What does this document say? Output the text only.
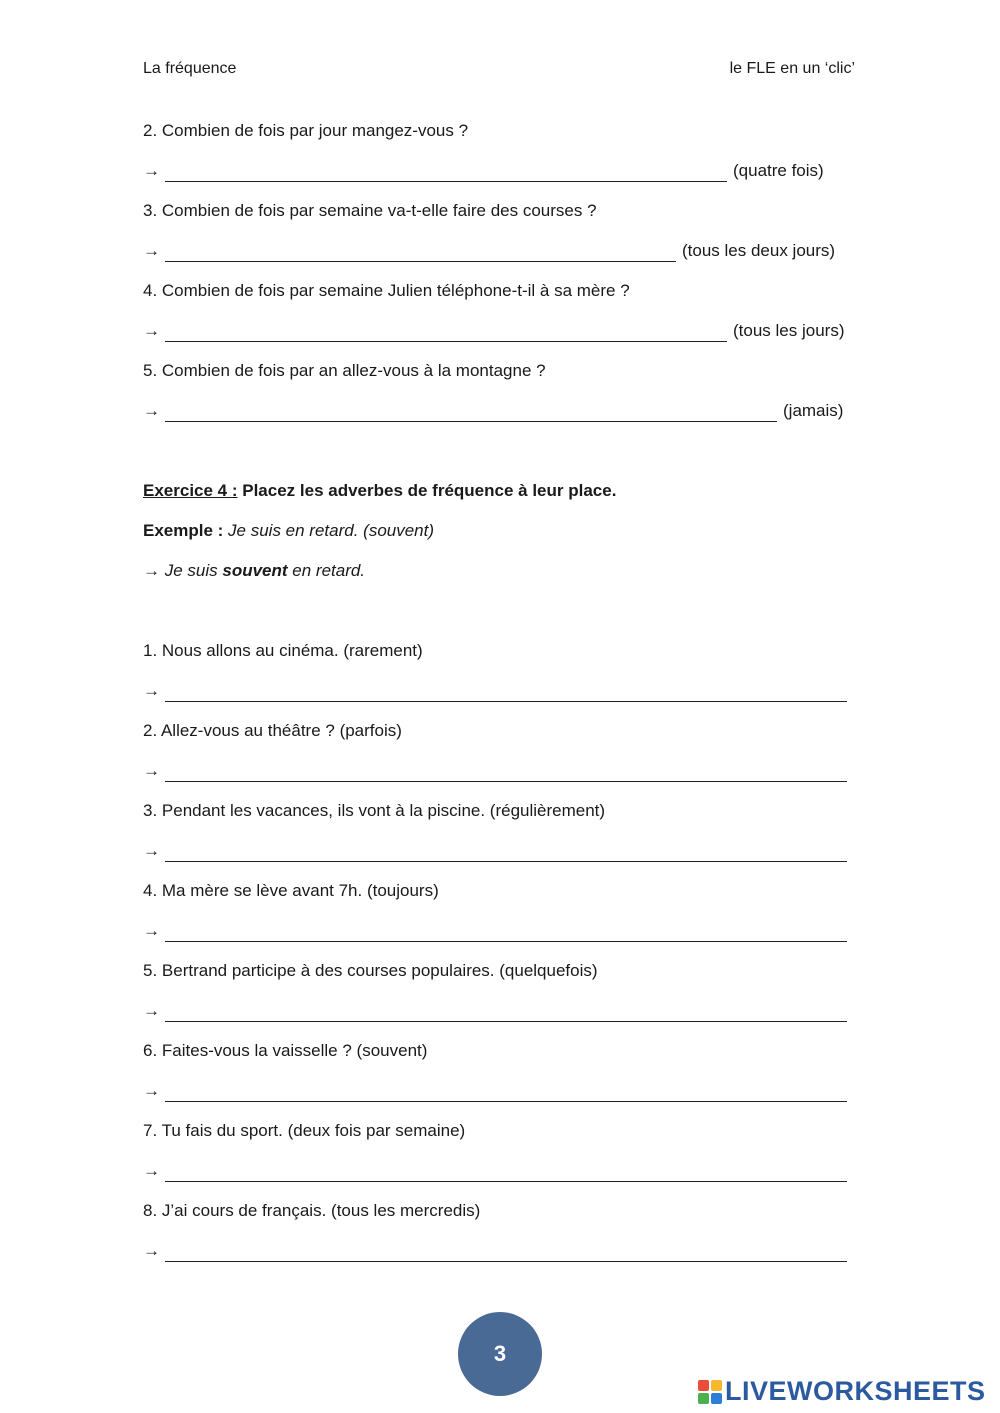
La fréquence	le FLE en un ‘clic’
2. Combien de fois par jour mangez-vous ?
→	(quatre fois)
3. Combien de fois par semaine va-t-elle faire des courses ?
→	(tous les deux jours)
4. Combien de fois par semaine Julien téléphone-t-il à sa mère ?
→	(tous les jours)
5. Combien de fois par an allez-vous à la montagne ?
→	(jamais)
Exercice 4 : Placez les adverbes de fréquence à leur place.
Exemple : Je suis en retard. (souvent)
→ Je suis souvent en retard.
1. Nous allons au cinéma. (rarement)
→
2. Allez-vous au théâtre ? (parfois)
→
3. Pendant les vacances, ils vont à la piscine. (régulièrement)
→
4. Ma mère se lève avant 7h. (toujours)
→
5. Bertrand participe à des courses populaires. (quelquefois)
→
6. Faites-vous la vaisselle ? (souvent)
→
7. Tu fais du sport. (deux fois par semaine)
→
8. J’ai cours de français. (tous les mercredis)
→
3
LIVEWORKSHEETS
